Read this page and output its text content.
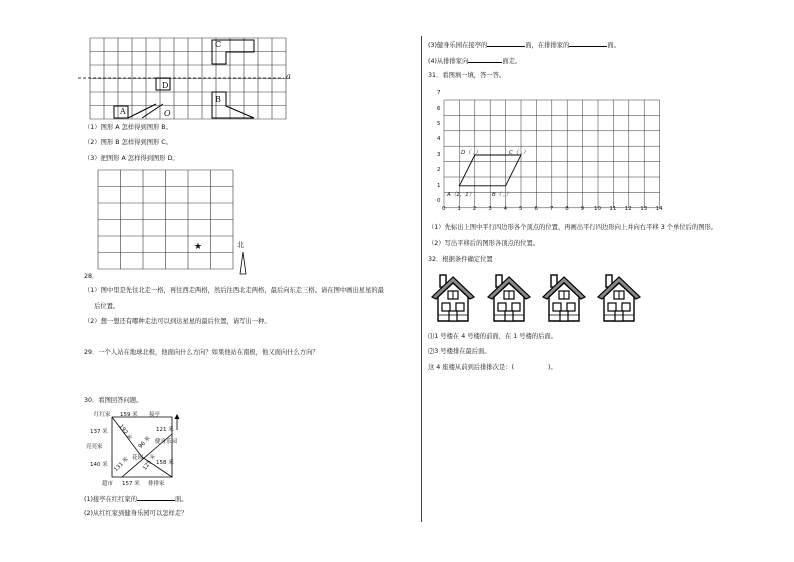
a
A
D
B
C
O
（1）图形 A 怎样得到图形 B。
（2）图形 B 怎样得到图形 C。
（3）把图形 A 怎样得到图形 D。
★	北
28．
（1）图中里是先往北走一格，再往西走两格，然后往西北走两格，最后向东走三格。请在图中画出星星的最
后位置。
（2）想一想还有哪种走法可以到达星星的最后位置，请写出一种。
29．一个人站在地球北极，他面向什么方向？如果他站在南极，他又面向什么方向？
30．看图回答问题。
红红家 159 米 接亭
137 米 192 米	121 米
96 米 健身乐园
亮亮家
花园
140 米 131 米 125 米
158 米
超市 157 米 排排家
(1)接亭在红红家的	面。
(2)从红红家到健身乐园可以怎样走？
(3)健身乐园在接亭的	面，在排排家的	面。
(4)从排排家向	面走。
31．看图填一填，答一答。
0
1
2
3
4
5
6
7
0 1 2 3 4 5 6 7 8 9 10 11 12 13 14
A（1，1）	B（ ，）
C（ ，）
D（ ，）
（1）先标出上图中平行四边形各个顶点的位置，再画出平行四边形向上并向右平移 3 个单位后的图形。
（2）写出平移后的图形各顶点的位置。
32．根据条件确定位置
⑴1 号楼在 4 号楼的前面，在 1 号楼的后面。
⑵3 号楼排在最后面。
这 4 座楼从前到后排排次是：(	)。
